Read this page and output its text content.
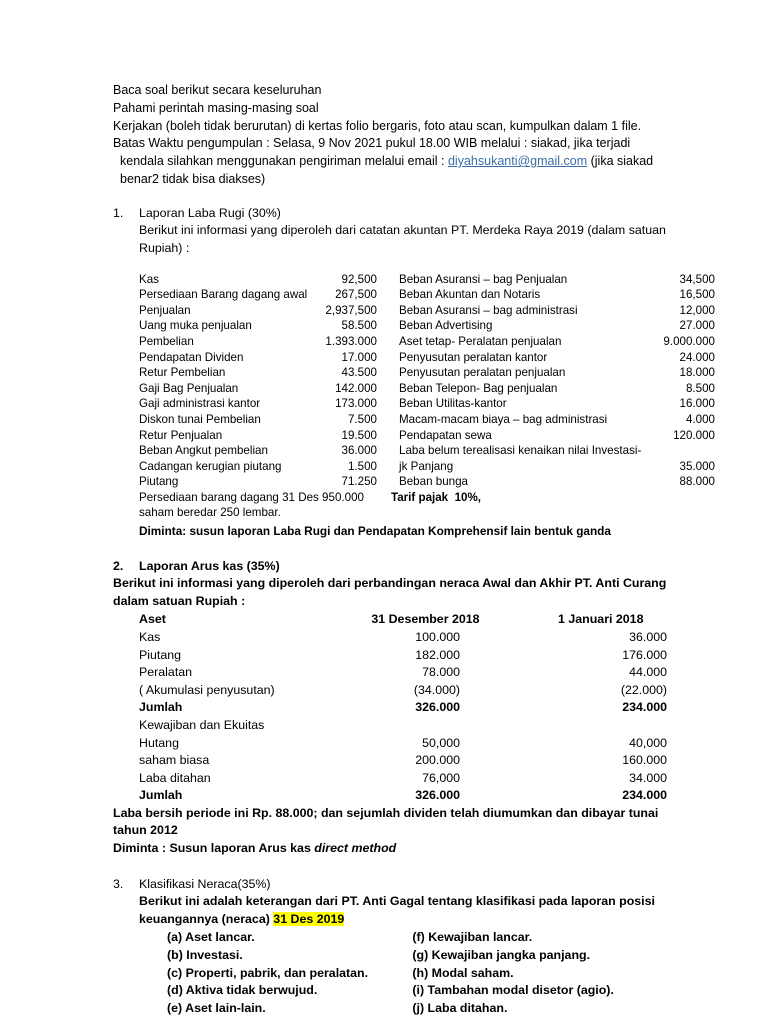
Baca soal berikut secara keseluruhan
Pahami perintah masing-masing soal
Kerjakan (boleh tidak berurutan) di kertas folio bergaris, foto atau scan, kumpulkan dalam 1 file.
Batas Waktu pengumpulan : Selasa, 9 Nov 2021 pukul 18.00 WIB melalui : siakad, jika terjadi
kendala silahkan menggunakan pengiriman melalui email : diyahsukanti@gmail.com (jika siakad
benar2 tidak bisa diakses)
1.	Laporan Laba Rugi (30%)
Berikut ini informasi yang diperoleh dari catatan akuntan PT. Merdeka Raya 2019 (dalam satuan
Rupiah) :
Kas	92,500	Beban Asuransi – bag Penjualan	34,500
Persediaan Barang dagang awal	267,500	Beban Akuntan dan Notaris	16,500
Penjualan	2,937,500	Beban Asuransi – bag administrasi	12,000
Uang muka penjualan	58.500	Beban Advertising	27.000
Pembelian	1.393.000	Aset tetap- Peralatan penjualan	9.000.000
Pendapatan Dividen	17.000	Penyusutan peralatan kantor	24.000
Retur Pembelian	43.500	Penyusutan peralatan penjualan	18.000
Gaji Bag Penjualan	142.000	Beban Telepon- Bag penjualan	8.500
Gaji administrasi kantor	173.000	Beban Utilitas-kantor	16.000
Diskon tunai Pembelian	7.500	Macam-macam biaya – bag administrasi	4.000
Retur Penjualan	19.500	Pendapatan sewa	120.000
Beban Angkut pembelian	36.000	Laba belum terealisasi kenaikan nilai Investasi-	
Cadangan kerugian piutang	1.500	jk Panjang	35.000
Piutang	71.250	Beban bunga	88.000
Persediaan barang dagang 31 Des 950.000 Tarif pajak  10%,
saham beredar 250 lembar.
Diminta: susun laporan Laba Rugi dan Pendapatan Komprehensif lain bentuk ganda
2.	Laporan Arus kas (35%)
Berikut ini informasi yang diperoleh dari perbandingan neraca Awal dan Akhir PT. Anti Curang
dalam satuan Rupiah :
Aset	31 Desember 2018	1 Januari 2018
Kas	100.000	36.000
Piutang	182.000	176.000
Peralatan	78.000	44.000
( Akumulasi penyusutan)	(34.000)	(22.000)
Jumlah	326.000	234.000
Kewajiban dan Ekuitas		
Hutang	50,000	40,000
saham biasa	200.000	160.000
Laba ditahan	76,000	34.000
Jumlah	326.000	234.000
Laba bersih periode ini Rp. 88.000; dan sejumlah dividen telah diumumkan dan dibayar tunai
tahun 2012
Diminta : Susun laporan Arus kas direct method
3.	Klasifikasi Neraca(35%)
Berikut ini adalah keterangan dari PT. Anti Gagal tentang klasifikasi pada laporan posisi
keuangannya (neraca) 31 Des 2019
(a) Aset lancar.	(f) Kewajiban lancar.
(b) Investasi.	(g) Kewajiban jangka panjang.
(c) Properti, pabrik, dan peralatan.	(h) Modal saham.
(d) Aktiva tidak berwujud.	(i) Tambahan modal disetor (agio).
(e) Aset lain-lain.	(j) Laba ditahan.
